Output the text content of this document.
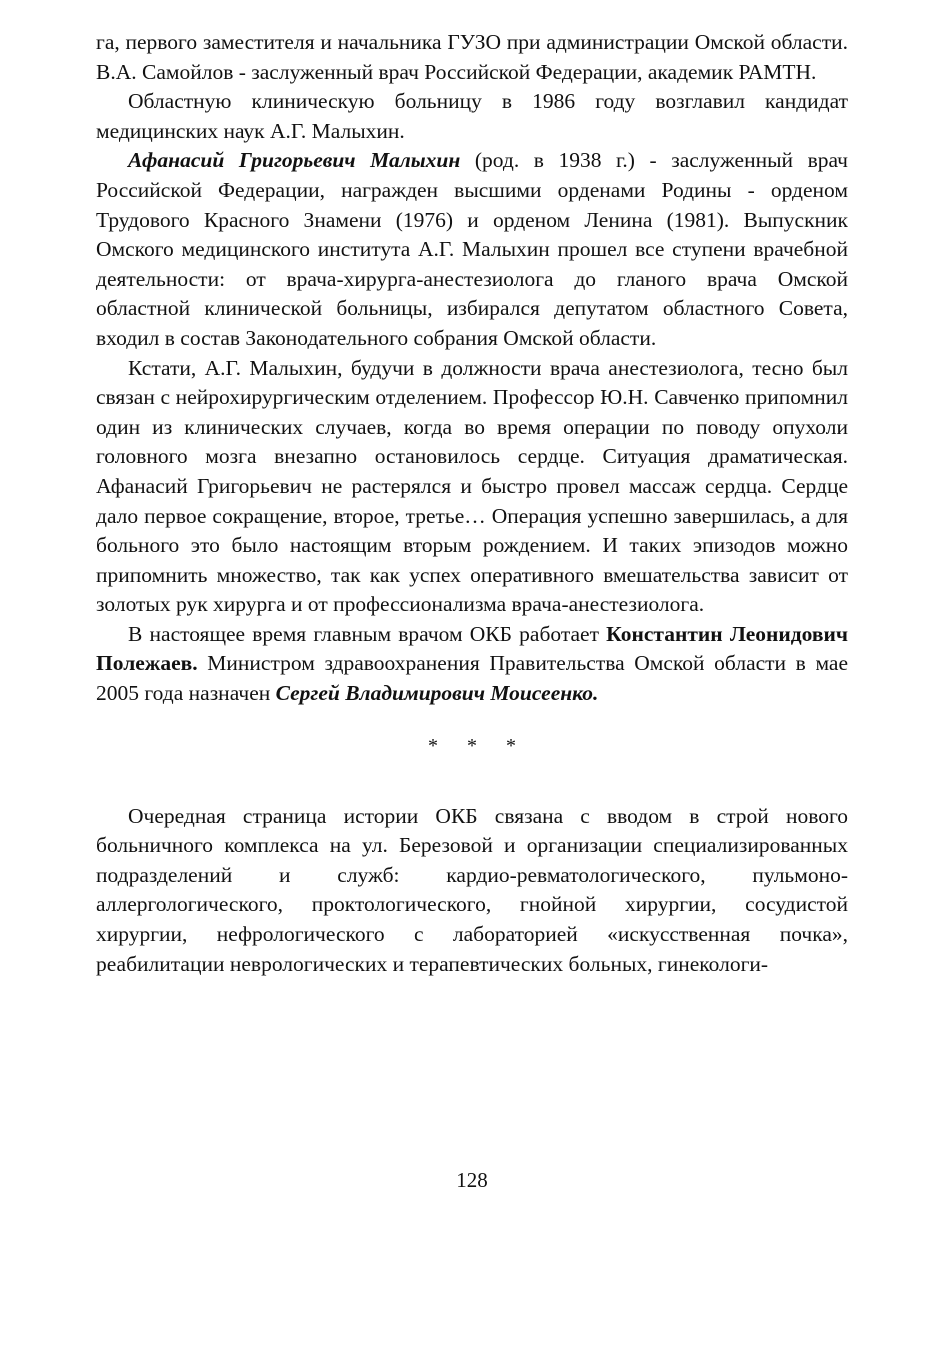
га, первого заместителя и начальника ГУЗО при администрации Омской области. В.А. Самойлов - заслуженный врач Российской Федерации, академик РАМТН.

Областную клиническую больницу в 1986 году возглавил кандидат медицинских наук А.Г. Малыхин.

Афанасий Григорьевич Малыхин (род. в 1938 г.) - заслуженный врач Российской Федерации, награжден высшими орденами Родины - орденом Трудового Красного Знамени (1976) и орденом Ленина (1981). Выпускник Омского медицинского института А.Г. Малыхин прошел все ступени врачебной деятельности: от врача-хирурга-анестезиолога до гланого врача Омской областной клинической больницы, избирался депутатом областного Совета, входил в состав Законодательного собрания Омской области.

Кстати, А.Г. Малыхин, будучи в должности врача анестезиолога, тесно был связан с нейрохирургическим отделением. Профессор Ю.Н. Савченко припомнил один из клинических случаев, когда во время операции по поводу опухоли головного мозга внезапно остановилось сердце. Ситуация драматическая. Афанасий Григорьевич не растерялся и быстро провел массаж сердца. Сердце дало первое сокращение, второе, третье… Операция успешно завершилась, а для больного это было настоящим вторым рождением. И таких эпизодов можно припомнить множество, так как успех оперативного вмешательства зависит от золотых рук хирурга и от профессионализма врача-анестезиолога.

В настоящее время главным врачом ОКБ работает Константин Леонидович Полежаев. Министром здравоохранения Правительства Омской области в мае 2005 года назначен Сергей Владимирович Моисеенко.

* * *

Очередная страница истории ОКБ связана с вводом в строй нового больничного комплекса на ул. Березовой и организации специализированных подразделений и служб: кардио-ревматологического, пульмоно-аллергологического, проктологического, гнойной хирургии, сосудистой хирургии, нефрологического с лабораторией «искусственная почка», реабилитации неврологических и терапевтических больных, гинекологи-

128
